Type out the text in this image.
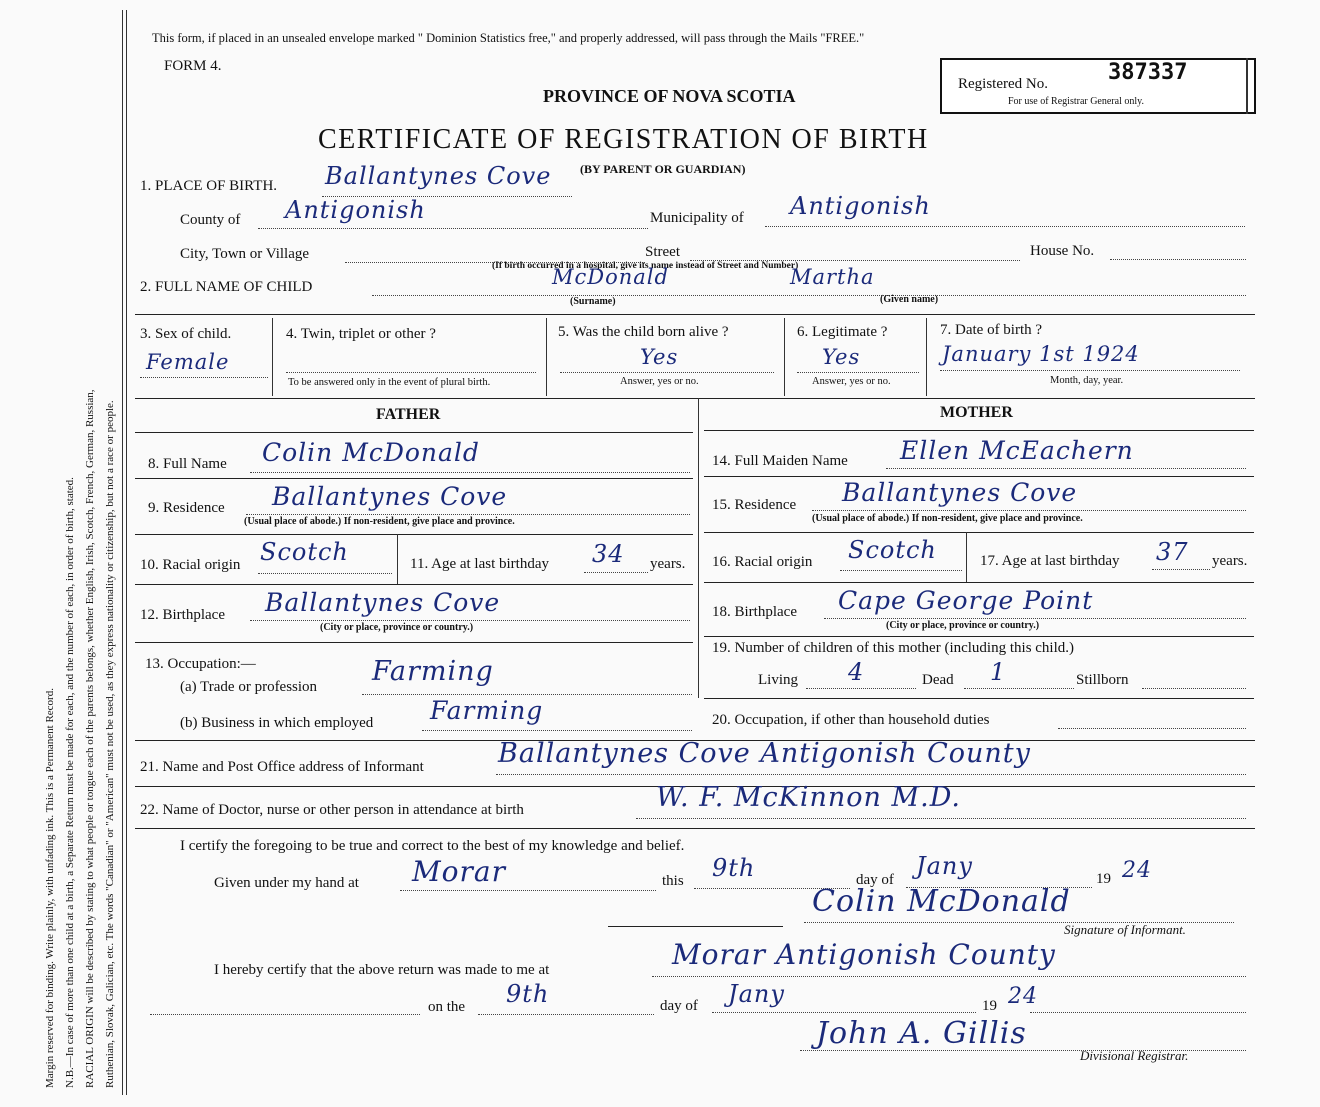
Margin reserved for binding. Write plainly, with unfading ink. This is a Permanent Record. N.B.—In case of more than one child at a birth, a Separate Return must be made for each, and the number of each, in order of birth, stated. RACIAL ORIGIN will be described by stating to what people or tongue each of the parents belongs, whether English, Irish, Scotch, French, German, Russian, Ruthenian, Slovak, Galician, etc. The words "Canadian" or "American" must not be used, as they express nationality or citizenship, but not a race or people.
This form, if placed in an unsealed envelope marked " Dominion Statistics free," and properly addressed, will pass through the Mails "FREE."
FORM 4.
PROVINCE OF NOVA SCOTIA
CERTIFICATE OF REGISTRATION OF BIRTH
(BY PARENT OR GUARDIAN)
Registered No.	387337
For use of Registrar General only.
1. PLACE OF BIRTH. Ballantynes Cove
County of Antigonish	Municipality of Antigonish
City, Town or Village	Street	House No.
(If birth occurred in a hospital, give its name instead of Street and Number)
2. FULL NAME OF CHILD	McDonald	Martha
(Surname)	(Given name)
3. Sex of child.
Female
4. Twin, triplet or other ?
To be answered only in the event of plural birth.
5. Was the child born alive ?
Yes
Answer, yes or no.
6. Legitimate ?
Yes
Answer, yes or no.
7. Date of birth ?
January 1st 1924
Month, day, year.
FATHER
8. Full Name Colin McDonald
9. Residence Ballantynes Cove
(Usual place of abode.) If non-resident, give place and province.
10. Racial origin Scotch	11. Age at last birthday 34 years.
12. Birthplace Ballantynes Cove
(City or place, province or country.)
13. Occupation:—
(a) Trade or profession Farming
(b) Business in which employed Farming
MOTHER
14. Full Maiden Name Ellen McEachern
15. Residence Ballantynes Cove
(Usual place of abode.) If non-resident, give place and province.
16. Racial origin Scotch	17. Age at last birthday 37 years.
18. Birthplace Cape George Point
(City or place, province or country.)
19. Number of children of this mother (including this child.)
Living 4	Dead 1	Stillborn
20. Occupation, if other than household duties
21. Name and Post Office address of Informant	Ballantynes Cove Antigonish County
22. Name of Doctor, nurse or other person in attendance at birth	W. F. McKinnon M.D.
I certify the foregoing to be true and correct to the best of my knowledge and belief.
Given under my hand at Morar	this 9th	day of Jany	19 24
Colin McDonald
Signature of Informant.
I hereby certify that the above return was made to me at	Morar Antigonish County
on the 9th	day of Jany	19 24
John A. Gillis
Divisional Registrar.
